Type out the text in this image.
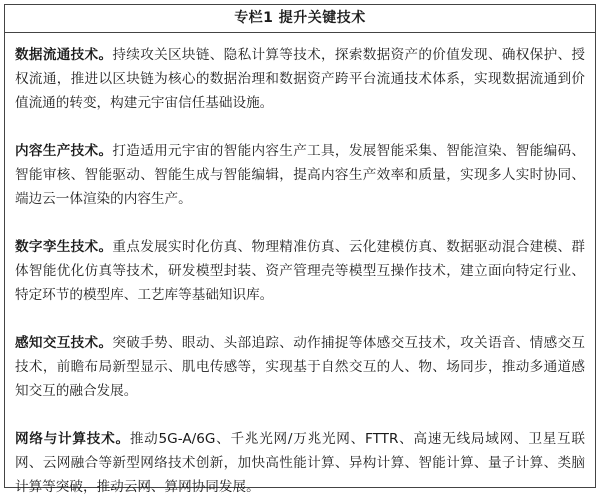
专栏1 提升关键技术

数据流通技术。持续攻关区块链、隐私计算等技术，探索数据资产的价值发现、确权保护、授权流通，推进以区块链为核心的数据治理和数据资产跨平台流通技术体系，实现数据流通到价值流通的转变，构建元宇宙信任基础设施。

内容生产技术。打造适用元宇宙的智能内容生产工具，发展智能采集、智能渲染、智能编码、智能审核、智能驱动、智能生成与智能编辑，提高内容生产效率和质量，实现多人实时协同、端边云一体渲染的内容生产。

数字孪生技术。重点发展实时化仿真、物理精准仿真、云化建模仿真、数据驱动混合建模、群体智能优化仿真等技术，研发模型封装、资产管理壳等模型互操作技术，建立面向特定行业、特定环节的模型库、工艺库等基础知识库。

感知交互技术。突破手势、眼动、头部追踪、动作捕捉等体感交互技术，攻关语音、情感交互技术，前瞻布局新型显示、肌电传感等，实现基于自然交互的人、物、场同步，推动多通道感知交互的融合发展。

网络与计算技术。推动5G-A/6G、千兆光网/万兆光网、FTTR、高速无线局域网、卫星互联网、云网融合等新型网络技术创新，加快高性能计算、异构计算、智能计算、量子计算、类脑计算等突破，推动云网、算网协同发展。
